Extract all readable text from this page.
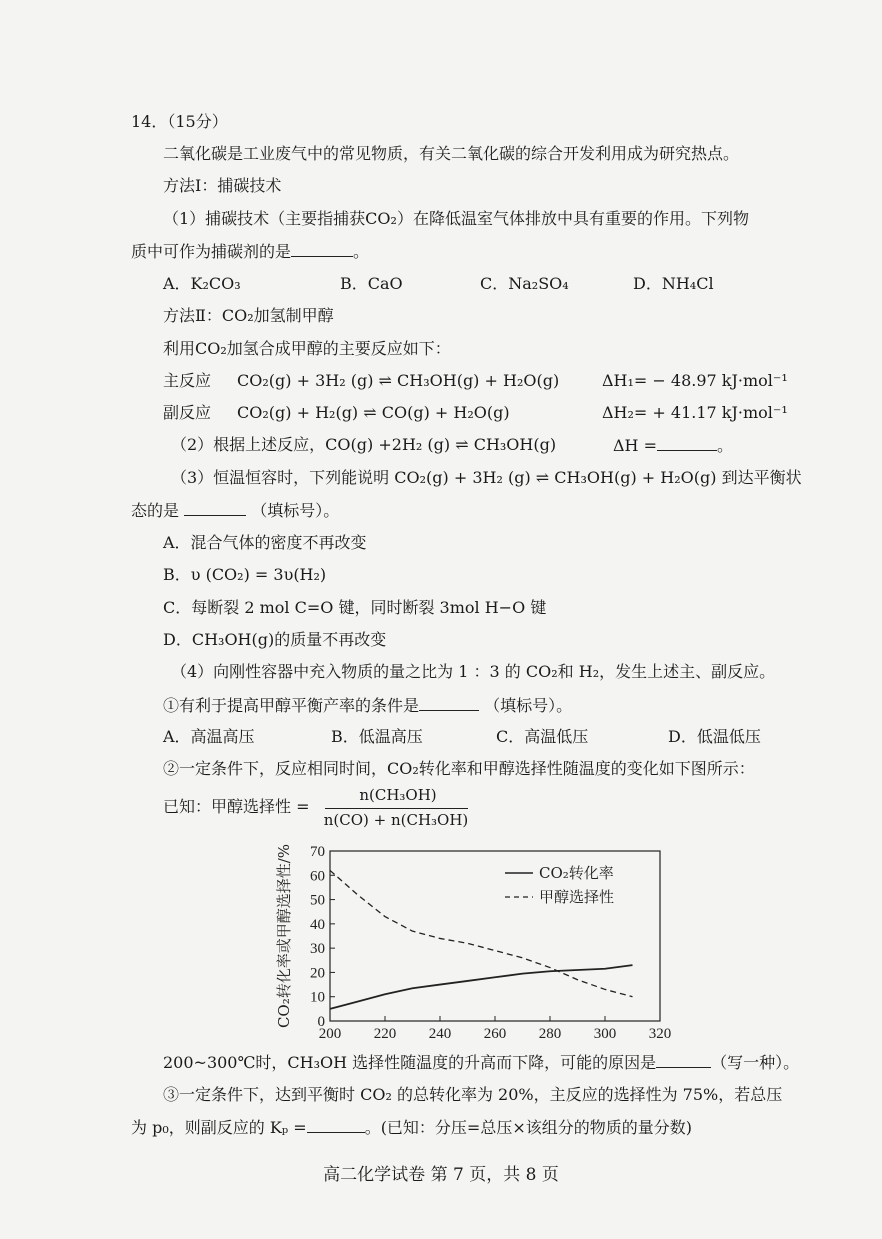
14．（15分）
二氧化碳是工业废气中的常见物质，有关二氧化碳的综合开发利用成为研究热点。
方法Ⅰ：捕碳技术
（1）捕碳技术（主要指捕获CO₂）在降低温室气体排放中具有重要的作用。下列物
质中可作为捕碳剂的是	。
A．K₂CO₃	B．CaO	C．Na₂SO₄	D．NH₄Cl
方法Ⅱ：CO₂加氢制甲醇
利用CO₂加氢合成甲醇的主要反应如下：
主反应 CO₂(g) + 3H₂ (g) ⇌ CH₃OH(g) + H₂O(g)	ΔH₁= − 48.97 kJ·mol⁻¹
副反应 CO₂(g) + H₂(g) ⇌ CO(g) + H₂O(g)	ΔH₂= + 41.17 kJ·mol⁻¹
（2）根据上述反应，CO(g) +2H₂ (g) ⇌ CH₃OH(g)	ΔH =	。
（3）恒温恒容时，下列能说明 CO₂(g) + 3H₂ (g) ⇌ CH₃OH(g) + H₂O(g) 到达平衡状
态的是	（填标号）。
A．混合气体的密度不再改变
B．υ (CO₂) = 3υ(H₂)
C．每断裂 2 mol C=O 键，同时断裂 3mol H−O 键
D．CH₃OH(g)的质量不再改变
（4）向刚性容器中充入物质的量之比为 1 ：3 的 CO₂和 H₂，发生上述主、副反应。
①有利于提高甲醇平衡产率的条件是	（填标号）。
A．高温高压	B．低温高压	C．高温低压	D．低温低压
②一定条件下，反应相同时间，CO₂转化率和甲醇选择性随温度的变化如下图所示：
已知：甲醇选择性 =
n(CH₃OH)
n(CO) + n(CH₃OH)
0
10
20
30
40
50
60
70
200 220 240 260 280 300 320
CO₂转化率或甲醇选择性/%	CO₂转化率
甲醇选择性
200~300℃时，CH₃OH 选择性随温度的升高而下降，可能的原因是	（写一种）。
③一定条件下，达到平衡时 CO₂ 的总转化率为 20%，主反应的选择性为 75%，若总压
为 p₀，则副反应的 Kₚ =	。(已知：分压=总压×该组分的物质的量分数)
高二化学试卷 第 7 页，共 8 页
